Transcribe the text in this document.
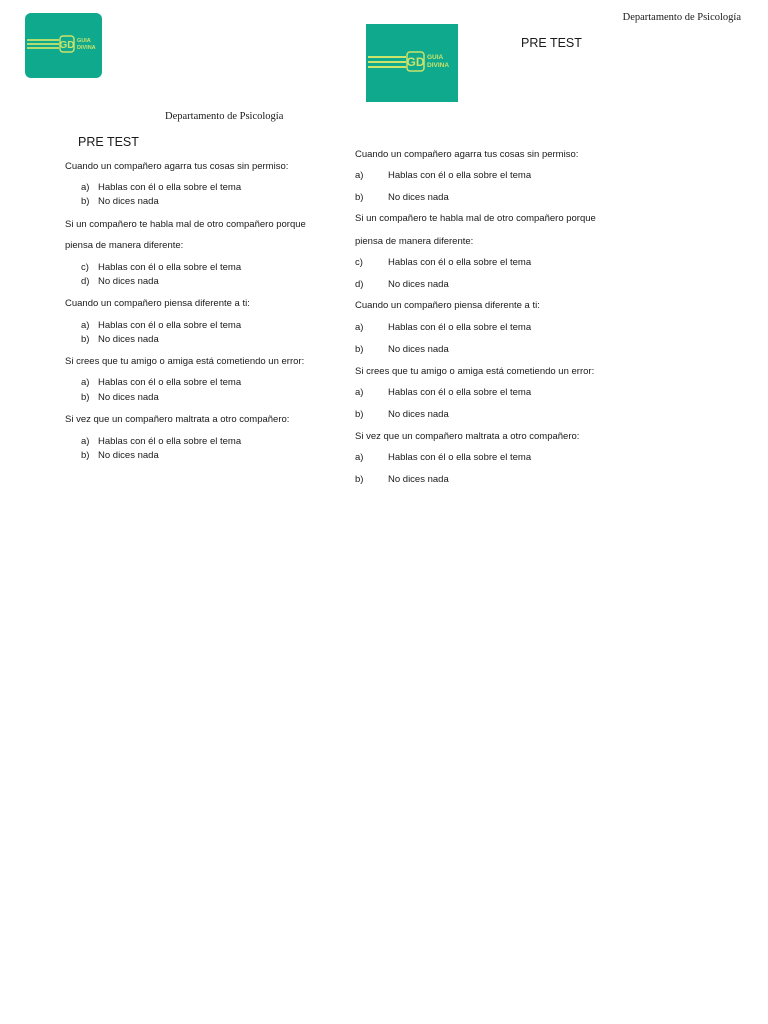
GD GUIA
DIVINA
GD GUIA
DIVINA
Departamento de Psicología
PRE TEST
Departamento de Psicología
PRE TEST
Cuando un compañero agarra tus cosas sin permiso:
a) Hablas con él o ella sobre el tema
b) No dices nada
Si un compañero te habla mal de otro compañero porque
piensa de manera diferente:
c) Hablas con él o ella sobre el tema
d) No dices nada
Cuando un compañero piensa diferente a ti:
a) Hablas con él o ella sobre el tema
b) No dices nada
Si crees que tu amigo o amiga está cometiendo un error:
a) Hablas con él o ella sobre el tema
b) No dices nada
Si vez que un compañero maltrata a otro compañero:
a) Hablas con él o ella sobre el tema
b) No dices nada
Cuando un compañero agarra tus cosas sin permiso:
a)	Hablas con él o ella sobre el tema
b)	No dices nada
Si un compañero te habla mal de otro compañero porque
piensa de manera diferente:
c)	Hablas con él o ella sobre el tema
d)	No dices nada
Cuando un compañero piensa diferente a ti:
a)	Hablas con él o ella sobre el tema
b)	No dices nada
Si crees que tu amigo o amiga está cometiendo un error:
a)	Hablas con él o ella sobre el tema
b)	No dices nada
Si vez que un compañero maltrata a otro compañero:
a)	Hablas con él o ella sobre el tema
b)	No dices nada
